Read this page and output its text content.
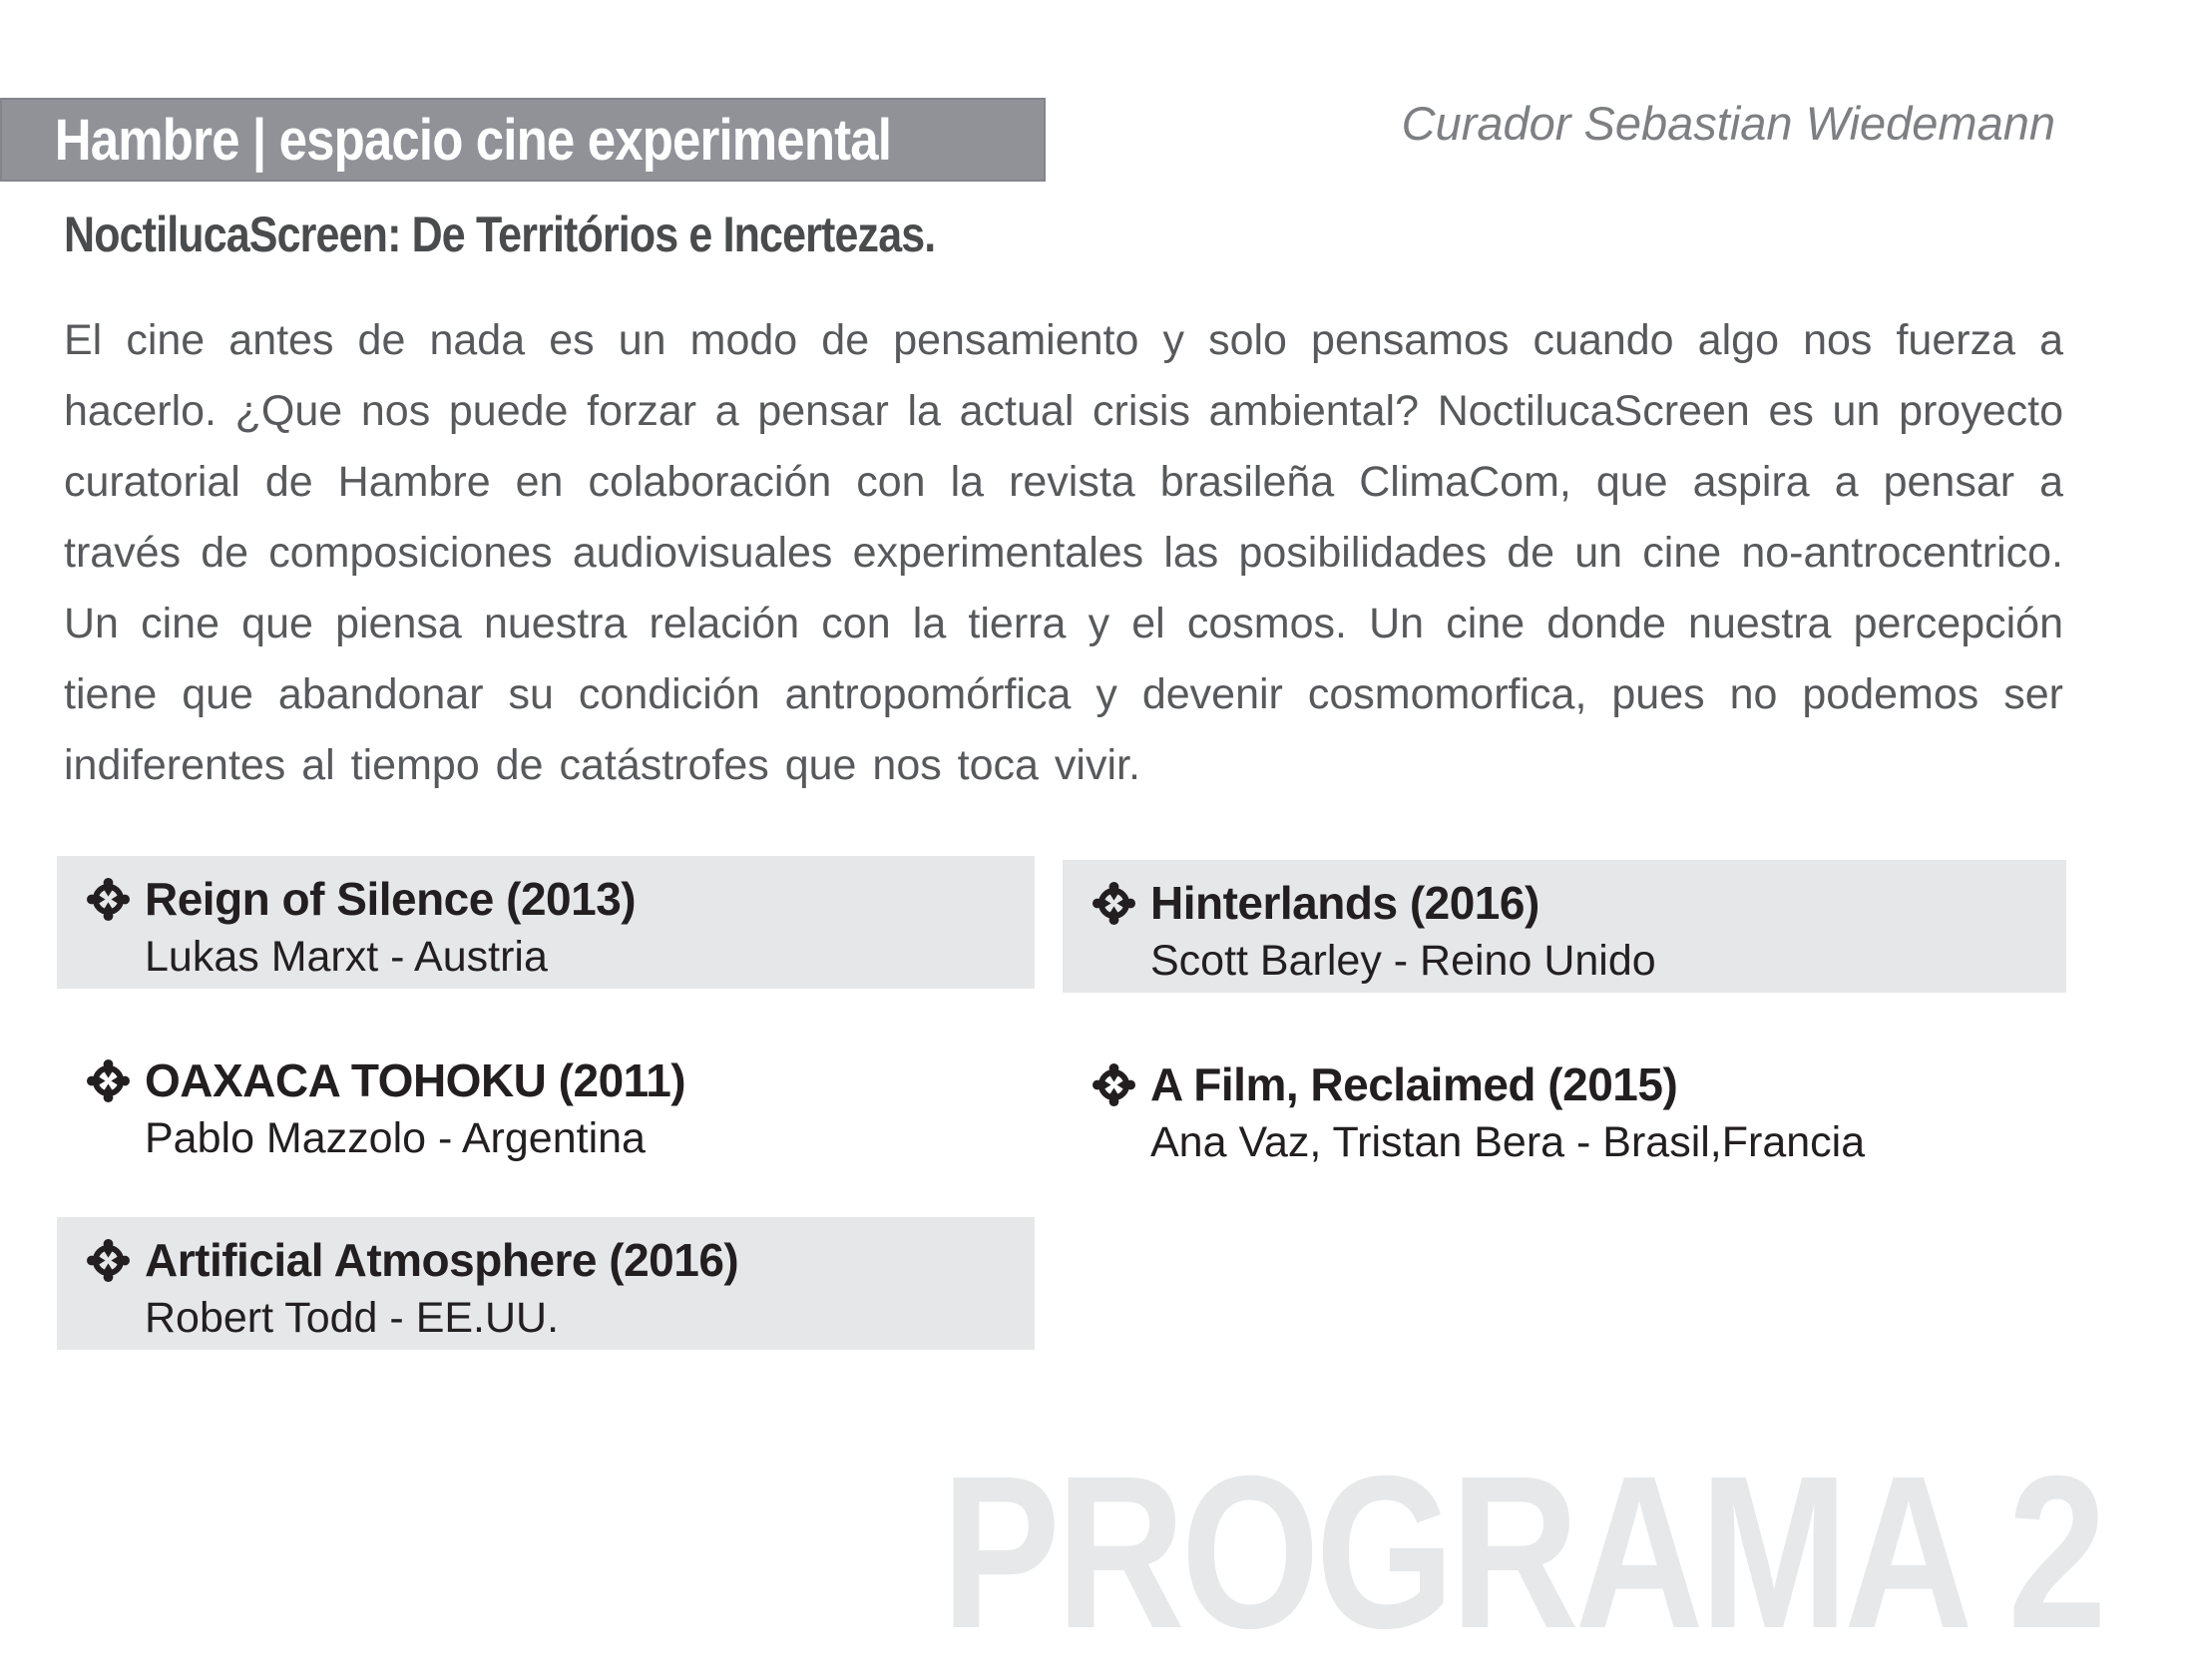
Hambre | espacio cine experimental	Curador Sebastian Wiedemann
NoctilucaScreen: De Territórios e Incertezas.

El cine antes de nada es un modo de pensamiento y solo pensamos cuando algo nos fuerza a hacerlo. ¿Que nos puede forzar a pensar la actual crisis ambiental? NoctilucaScreen es un proyecto curatorial de Hambre en colaboración con la revista brasileña ClimaCom, que aspira a pensar a través de composiciones audiovisuales experimentales las posibilidades de un cine no-antrocentrico. Un cine que piensa nuestra relación con la tierra y el cosmos. Un cine donde nuestra percepción tiene que abandonar su condición antropomórfica y devenir cosmomorfica, pues no podemos ser indiferentes al tiempo de catástrofes que nos toca vivir.

Reign of Silence (2013)
Lukas Marxt - Austria
OAXACA TOHOKU (2011)
Pablo Mazzolo - Argentina
Artificial Atmosphere (2016)
Robert Todd - EE.UU.
Hinterlands (2016)
Scott Barley - Reino Unido
A Film, Reclaimed (2015)
Ana Vaz, Tristan Bera - Brasil,Francia
PROGRAMA 2
